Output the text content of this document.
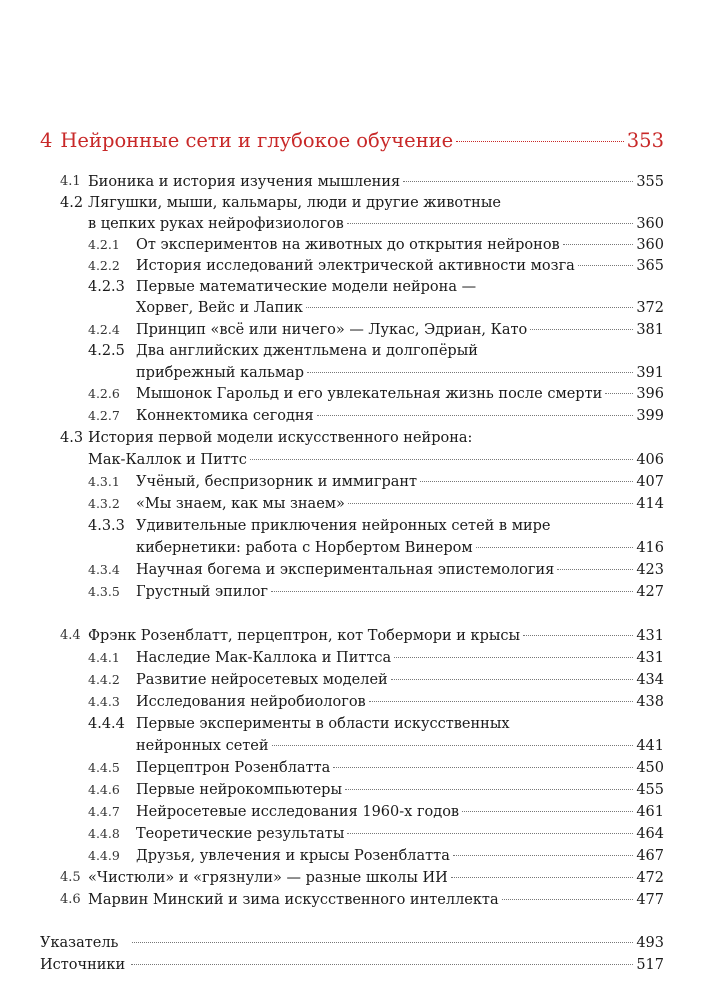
4 Нейронные сети и глубокое обучение	353
4.1 Бионика и история изучения мышления	355
4.2 Лягушки, мыши, кальмары, люди и другие животные
в цепких руках нейрофизиологов	360
4.2.1 От экспериментов на животных до открытия нейронов	360
4.2.2 История исследований электрической активности мозга	365
4.2.3 Первые математические модели нейрона —
Хорвег, Вейс и Лапик	372
4.2.4 Принцип «всё или ничего» — Лукас, Эдриан, Като	381
4.2.5 Два английских джентльмена и долгопёрый
прибрежный кальмар	391
4.2.6 Мышонок Гарольд и его увлекательная жизнь после смерти 396
4.2.7 Коннектомика сегодня	399
4.3 История первой модели искусственного нейрона:
Мак-Каллок и Питтс	406
4.3.1 Учёный, беспризорник и иммигрант	407
4.3.2 «Мы знаем, как мы знаем»	414
4.3.3 Удивительные приключения нейронных сетей в мире
кибернетики: работа с Норбертом Винером	416
4.3.4 Научная богема и экспериментальная эпистемология	423
4.3.5 Грустный эпилог	427
4.4 Фрэнк Розенблатт, перцептрон, кот Тобермори и крысы	431
4.4.1 Наследие Мак-Каллока и Питтса	431
4.4.2 Развитие нейросетевых моделей	434
4.4.3 Исследования нейробиологов	438
4.4.4 Первые эксперименты в области искусственных
нейронных сетей	441
4.4.5 Перцептрон Розенблатта	450
4.4.6 Первые нейрокомпьютеры	455
4.4.7 Нейросетевые исследования 1960-х годов	461
4.4.8 Теоретические результаты	464
4.4.9 Друзья, увлечения и крысы Розенблатта	467
4.5 «Чистюли» и «грязнули» — разные школы ИИ	472
4.6 Марвин Минский и зима искусственного интеллекта	477
Указатель	493
Источники	517
